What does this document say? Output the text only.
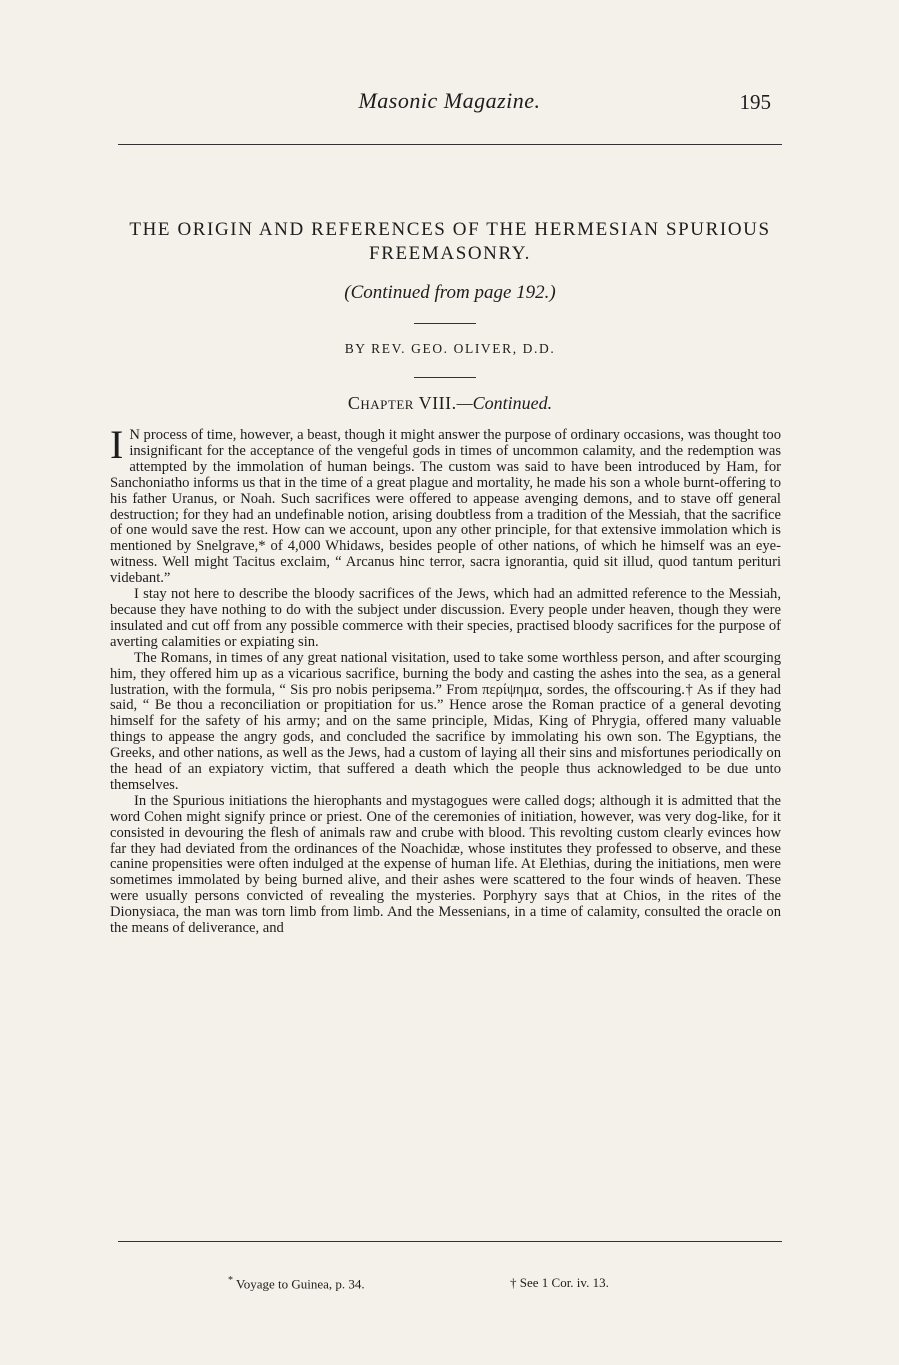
Masonic Magazine.	195
THE ORIGIN AND REFERENCES OF THE HERMESIAN SPURIOUS FREEMASONRY.
(Continued from page 192.)
BY REV. GEO. OLIVER, D.D.
Chapter VIII.—Continued.

I N process of time, however, a beast, though it might answer the purpose of ordinary occasions, was thought too insignificant for the acceptance of the vengeful gods in times of uncommon calamity, and the redemption was attempted by the immolation of human beings. The custom was said to have been introduced by Ham, for Sanchoniatho informs us that in the time of a great plague and mortality, he made his son a whole burnt-offering to his father Uranus, or Noah. Such sacrifices were offered to appease avenging demons, and to stave off general destruction; for they had an undefinable notion, arising doubtless from a tradition of the Messiah, that the sacrifice of one would save the rest. How can we account, upon any other principle, for that extensive immolation which is mentioned by Snelgrave,* of 4,000 Whidaws, besides people of other nations, of which he himself was an eye-witness. Well might Tacitus exclaim, “ Arcanus hinc terror, sacra ignorantia, quid sit illud, quod tantum perituri videbant.”

I stay not here to describe the bloody sacrifices of the Jews, which had an admitted reference to the Messiah, because they have nothing to do with the subject under discussion. Every people under heaven, though they were insulated and cut off from any possible commerce with their species, practised bloody sacrifices for the purpose of averting calamities or expiating sin.

The Romans, in times of any great national visitation, used to take some worthless person, and after scourging him, they offered him up as a vicarious sacrifice, burning the body and casting the ashes into the sea, as a general lustration, with the formula, “ Sis pro nobis peripsema.” From περίψημα, sordes, the offscouring.† As if they had said, “ Be thou a reconciliation or propitiation for us.” Hence arose the Roman practice of a general devoting himself for the safety of his army; and on the same principle, Midas, King of Phrygia, offered many valuable things to appease the angry gods, and concluded the sacrifice by immolating his own son. The Egyptians, the Greeks, and other nations, as well as the Jews, had a custom of laying all their sins and misfortunes periodically on the head of an expiatory victim, that suffered a death which the people thus acknowledged to be due unto themselves.

In the Spurious initiations the hierophants and mystagogues were called dogs; although it is admitted that the word Cohen might signify prince or priest. One of the ceremonies of initiation, however, was very dog-like, for it consisted in devouring the flesh of animals raw and crube with blood. This revolting custom clearly evinces how far they had deviated from the ordinances of the Noachidæ, whose institutes they professed to observe, and these canine propensities were often indulged at the expense of human life. At Elethias, during the initiations, men were sometimes immolated by being burned alive, and their ashes were scattered to the four winds of heaven. These were usually persons convicted of revealing the mysteries. Porphyry says that at Chios, in the rites of the Dionysiaca, the man was torn limb from limb. And the Messenians, in a time of calamity, consulted the oracle on the means of deliverance, and

* Voyage to Guinea, p. 34.	† See 1 Cor. iv. 13.
